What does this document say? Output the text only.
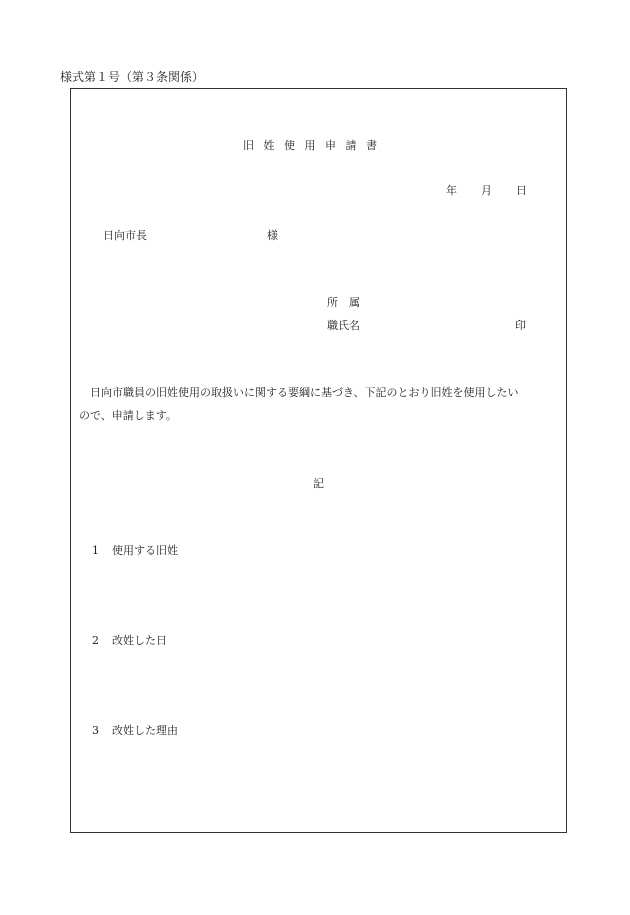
様式第１号（第３条関係）
旧姓使用申請書
年 月 日
日向市長	様
所　属
職氏名	印
日向市職員の旧姓使用の取扱いに関する要綱に基づき、下記のとおり旧姓を使用したい
ので、申請します。
記
1 使用する旧姓
2 改姓した日
3 改姓した理由
